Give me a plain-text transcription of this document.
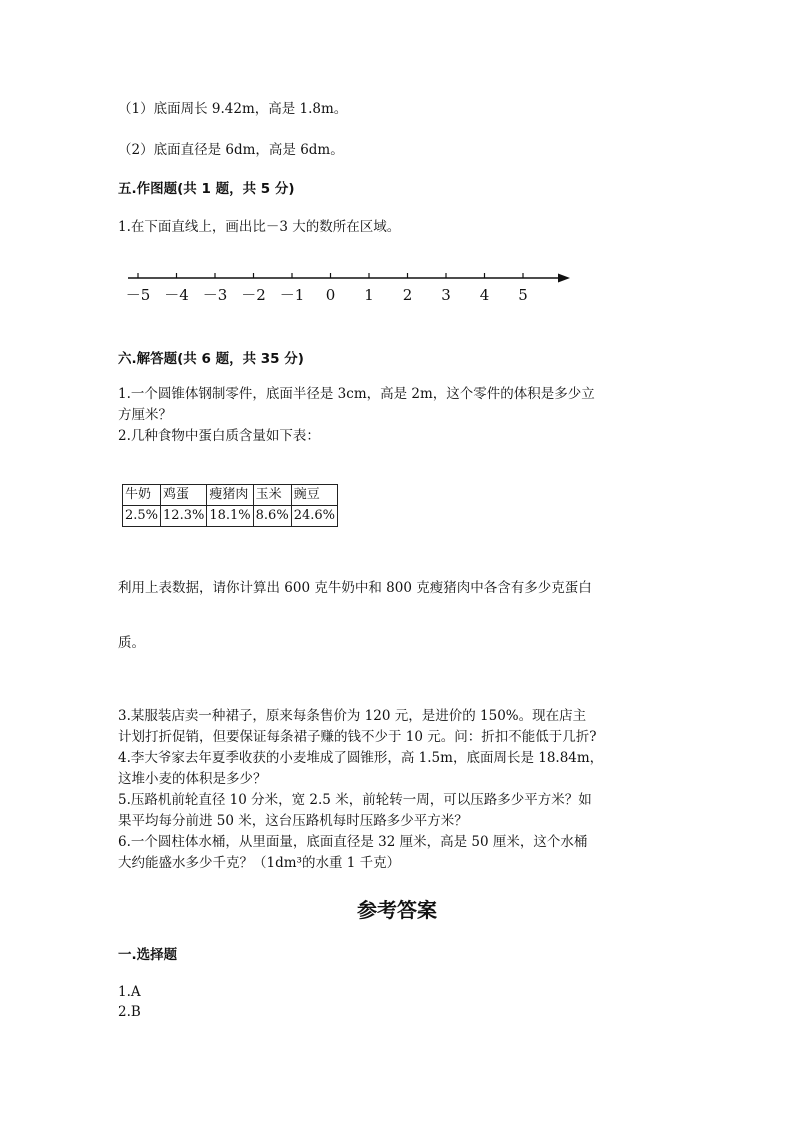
（1）底面周长 9.42m，高是 1.8m。
（2）底面直径是 6dm，高是 6dm。
五.作图题(共 1 题，共 5 分)
1.在下面直线上，画出比－3 大的数所在区域。
－5 －4 －3 －2 －1 0 1 2 3 4 5
六.解答题(共 6 题，共 35 分)
1.一个圆锥体钢制零件，底面半径是 3cm，高是 2m，这个零件的体积是多少立
方厘米？
2.几种食物中蛋白质含量如下表：
牛奶	鸡蛋	瘦猪肉	玉米	豌豆
2.5%	12.3%	18.1%	8.6%	24.6%
利用上表数据，请你计算出 600 克牛奶中和 800 克瘦猪肉中各含有多少克蛋白
质。
3.某服装店卖一种裙子，原来每条售价为 120 元，是进价的 150%。现在店主
计划打折促销，但要保证每条裙子赚的钱不少于 10 元。问：折扣不能低于几折?
4.李大爷家去年夏季收获的小麦堆成了圆锥形，高 1.5m，底面周长是 18.84m，
这堆小麦的体积是多少？
5.压路机前轮直径 10 分米，宽 2.5 米，前轮转一周，可以压路多少平方米？如
果平均每分前进 50 米，这台压路机每时压路多少平方米？
6.一个圆柱体水桶，从里面量，底面直径是 32 厘米，高是 50 厘米，这个水桶
大约能盛水多少千克？（1dm³的水重 1 千克）
参考答案
一.选择题
1.A
2.B
